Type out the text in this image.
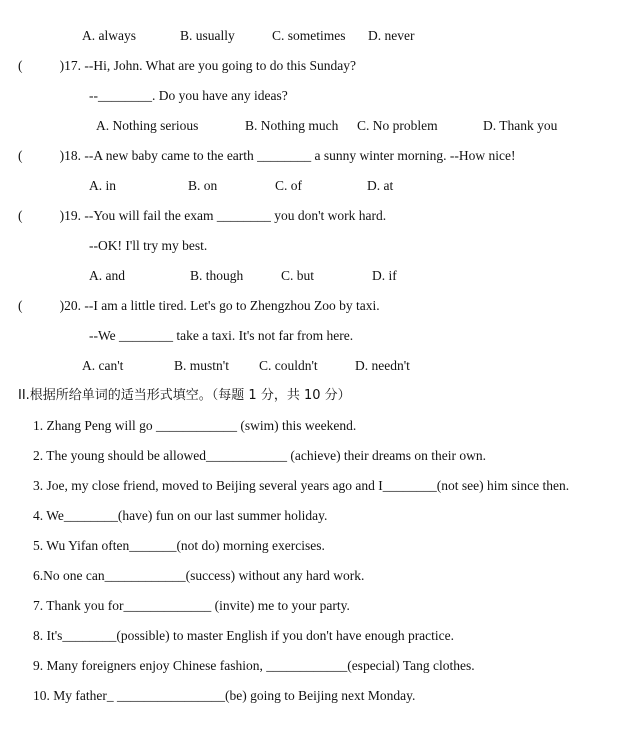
A. always	B. usually	C. sometimes D. never
(           )17. --Hi, John. What are you going to do this Sunday?
--________. Do you have any ideas?
A. Nothing serious	B. Nothing much C. No problem	D. Thank you
(           )18. --A new baby came to the earth ________ a sunny winter morning. --How nice!
A. in	B. on	C. of	D. at
(           )19. --You will fail the exam ________ you don't work hard.
--OK! I'll try my best.
A. and	B. though	C. but	D. if
(           )20. --I am a little tired. Let's go to Zhengzhou Zoo by taxi.
--We ________ take a taxi. It's not far from here.
A. can't	B. mustn't C. couldn't	D. needn't
II.根据所给单词的适当形式填空。（每题 1 分，共 10 分）
1. Zhang Peng will go ____________ (swim) this weekend.
2. The young should be allowed____________ (achieve) their dreams on their own.
3. Joe, my close friend, moved to Beijing several years ago and I________(not see) him since then.
4. We________(have) fun on our last summer holiday.
5. Wu Yifan often_______(not do) morning exercises.
6.No one can____________(success) without any hard work.
7. Thank you for_____________ (invite) me to your party.
8. It's________(possible) to master English if you don't have enough practice.
9. Many foreigners enjoy Chinese fashion, ____________(especial) Tang clothes.
10. My father_ ________________(be) going to Beijing next Monday.
